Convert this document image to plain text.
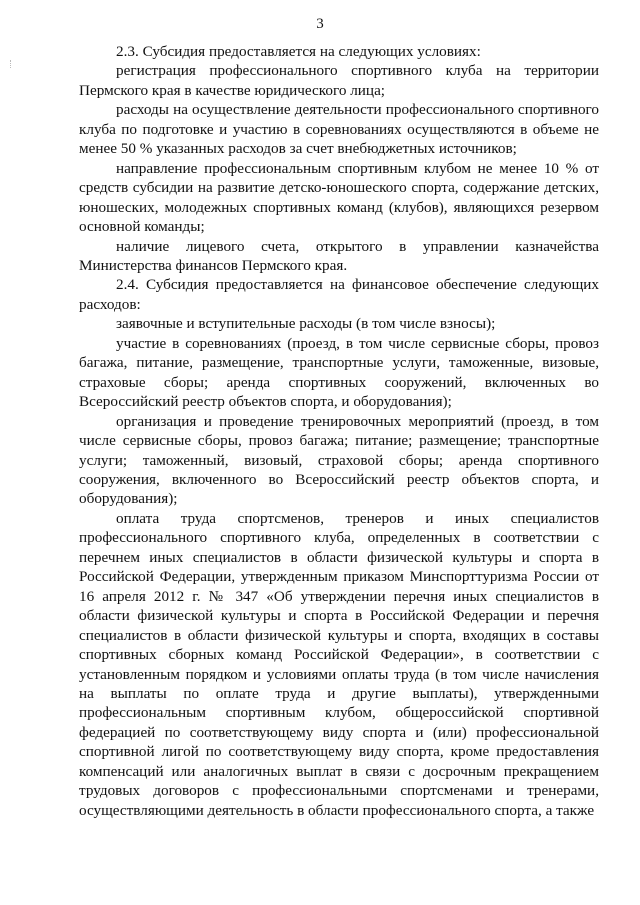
3

2.3. Субсидия предоставляется на следующих условиях:

регистрация профессионального спортивного клуба на территории Пермского края в качестве юридического лица;

расходы на осуществление деятельности профессионального спортивного клуба по подготовке и участию в соревнованиях осуществляются в объеме не менее 50 % указанных расходов за счет внебюджетных источников;

направление профессиональным спортивным клубом не менее 10 % от средств субсидии на развитие детско-юношеского спорта, содержание детских, юношеских, молодежных спортивных команд (клубов), являющихся резервом основной команды;

наличие лицевого счета, открытого в управлении казначейства Министерства финансов Пермского края.

2.4. Субсидия предоставляется на финансовое обеспечение следующих расходов:

заявочные и вступительные расходы (в том числе взносы);

участие в соревнованиях (проезд, в том числе сервисные сборы, провоз багажа, питание, размещение, транспортные услуги, таможенные, визовые, страховые сборы; аренда спортивных сооружений, включенных во Всероссийский реестр объектов спорта, и оборудования);

организация и проведение тренировочных мероприятий (проезд, в том числе сервисные сборы, провоз багажа; питание; размещение; транспортные услуги; таможенный, визовый, страховой сборы; аренда спортивного сооружения, включенного во Всероссийский реестр объектов спорта, и оборудования);

оплата труда спортсменов, тренеров и иных специалистов профессионального спортивного клуба, определенных в соответствии с перечнем иных специалистов в области физической культуры и спорта в Российской Федерации, утвержденным приказом Минспорттуризма России от 16 апреля 2012 г. № 347 «Об утверждении перечня иных специалистов в области физической культуры и спорта в Российской Федерации и перечня специалистов в области физической культуры и спорта, входящих в составы спортивных сборных команд Российской Федерации», в соответствии с установленным порядком и условиями оплаты труда (в том числе начисления на выплаты по оплате труда и другие выплаты), утвержденными профессиональным спортивным клубом, общероссийской спортивной федерацией по соответствующему виду спорта и (или) профессиональной спортивной лигой по соответствующему виду спорта, кроме предоставления компенсаций или аналогичных выплат в связи с досрочным прекращением трудовых договоров с профессиональными спортсменами и тренерами, осуществляющими деятельность в области профессионального спорта, а также
